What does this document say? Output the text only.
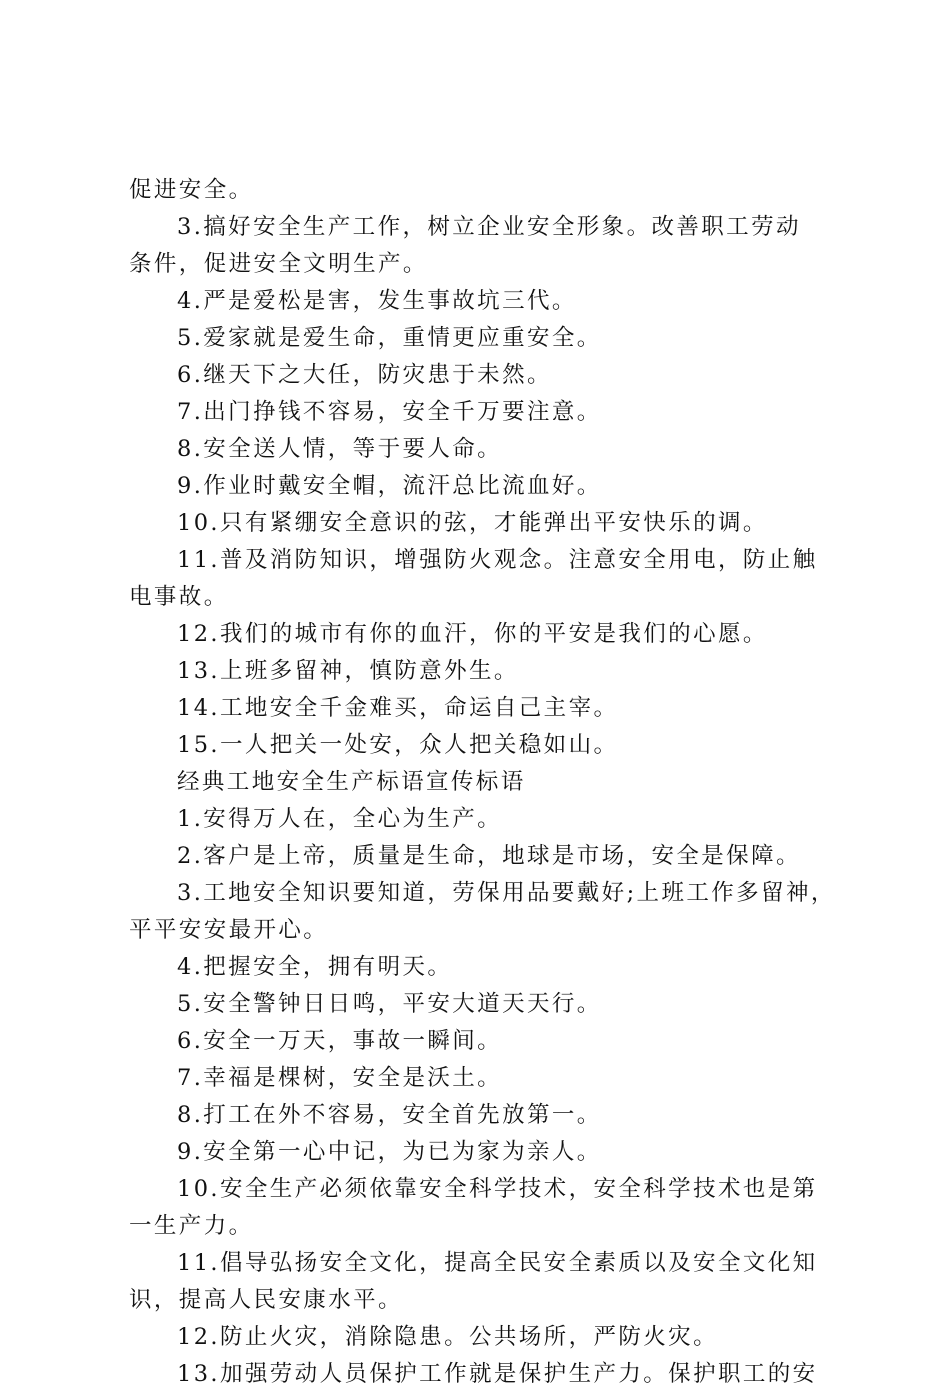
促进安全。
3.搞好安全生产工作，树立企业安全形象。改善职工劳动
条件，促进安全文明生产。
4.严是爱松是害，发生事故坑三代。
5.爱家就是爱生命，重情更应重安全。
6.继天下之大任，防灾患于未然。
7.出门挣钱不容易，安全千万要注意。
8.安全送人情，等于要人命。
9.作业时戴安全帽，流汗总比流血好。
10.只有紧绷安全意识的弦，才能弹出平安快乐的调。
11.普及消防知识，增强防火观念。注意安全用电，防止触
电事故。
12.我们的城市有你的血汗，你的平安是我们的心愿。
13.上班多留神，慎防意外生。
14.工地安全千金难买，命运自己主宰。
15.一人把关一处安，众人把关稳如山。
经典工地安全生产标语宣传标语
1.安得万人在，全心为生产。
2.客户是上帝，质量是生命，地球是市场，安全是保障。
3.工地安全知识要知道，劳保用品要戴好;上班工作多留神，
平平安安最开心。
4.把握安全，拥有明天。
5.安全警钟日日鸣，平安大道天天行。
6.安全一万天，事故一瞬间。
7.幸福是棵树，安全是沃土。
8.打工在外不容易，安全首先放第一。
9.安全第一心中记，为已为家为亲人。
10.安全生产必须依靠安全科学技术，安全科学技术也是第
一生产力。
11.倡导弘扬安全文化，提高全民安全素质以及安全文化知
识，提高人民安康水平。
12.防止火灾，消除隐患。公共场所，严防火灾。
13.加强劳动人员保护工作就是保护生产力。保护职工的安
